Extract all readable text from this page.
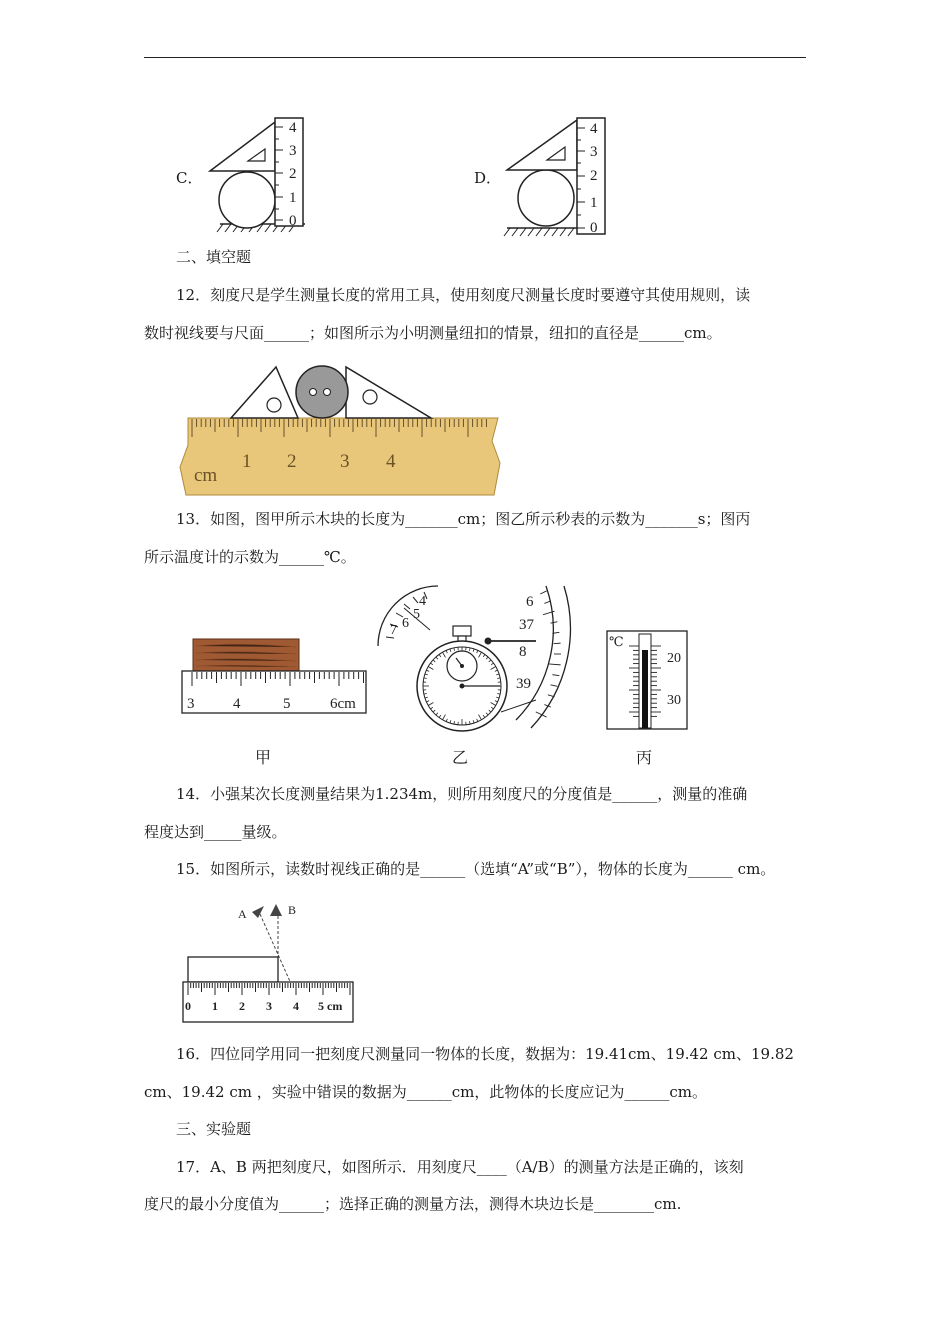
C．
4
3
2
1
0
D．
4
3
2
1
0
二、填空题
12．刻度尺是学生测量长度的常用工具，使用刻度尺测量长度时要遵守其使用规则，读
数时视线要与尺面______；如图所示为小明测量纽扣的情景，纽扣的直径是______cm。
cm
1 2 3 4
13．如图，图甲所示木块的长度为_______cm；图乙所示秒表的示数为_______s；图丙
所示温度计的示数为______℃。
3	4	5	6cm
甲
7 6
5
4	6
37
8
39
乙
℃
20
30
丙
14．小强某次长度测量结果为1.234m，则所用刻度尺的分度值是______，测量的准确
程度达到_____量级。
15．如图所示，读数时视线正确的是______（选填“A”或“B”），物体的长度为______ cm。
A	B
0 1 2 3 4 5 cm
16．四位同学用同一把刻度尺测量同一物体的长度，数据为：19.41cm、19.42 cm、19.82
cm、19.42 cm ，实验中错误的数据为______cm，此物体的长度应记为______cm。
三、实验题
17．A、B 两把刻度尺，如图所示．用刻度尺____（A/B）的测量方法是正确的，该刻
度尺的最小分度值为______；选择正确的测量方法，测得木块边长是________cm.
